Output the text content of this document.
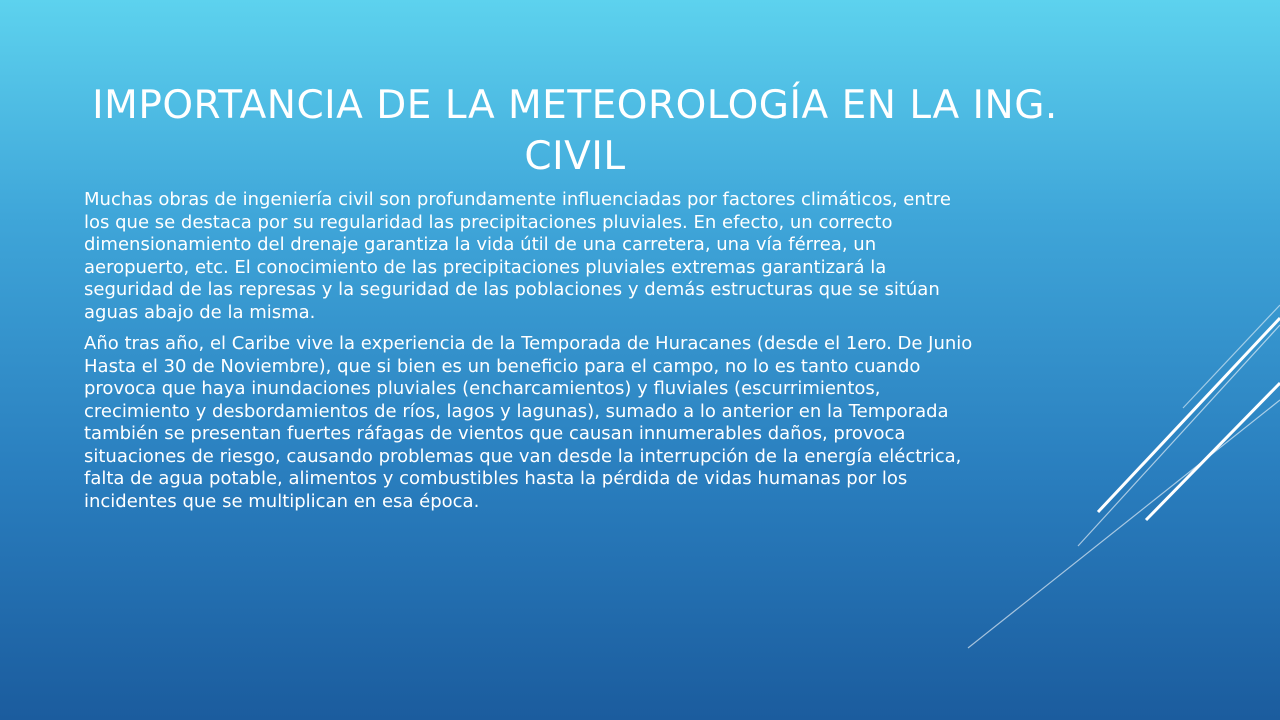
IMPORTANCIA DE LA METEOROLOGÍA EN LA ING. CIVIL

Muchas obras de ingeniería civil son profundamente influenciadas por factores climáticos, entre los que se destaca por su regularidad las precipitaciones pluviales. En efecto, un correcto dimensionamiento del drenaje garantiza la vida útil de una carretera, una vía férrea, un aeropuerto, etc. El conocimiento de las precipitaciones pluviales extremas garantizará la seguridad de las represas y la seguridad de las poblaciones y demás estructuras que se sitúan aguas abajo de la misma.

Año tras año, el Caribe vive la experiencia de la Temporada de Huracanes (desde el 1ero. De Junio Hasta el 30 de Noviembre), que si bien es un beneficio para el campo, no lo es tanto cuando provoca que haya inundaciones pluviales (encharcamientos) y fluviales (escurrimientos, crecimiento y desbordamientos de ríos, lagos y lagunas), sumado a lo anterior en la Temporada también se presentan fuertes ráfagas de vientos que causan innumerables daños, provoca situaciones de riesgo, causando problemas que van desde la interrupción de la energía eléctrica, falta de agua potable, alimentos y combustibles hasta la pérdida de vidas humanas por los incidentes que se multiplican en esa época.
